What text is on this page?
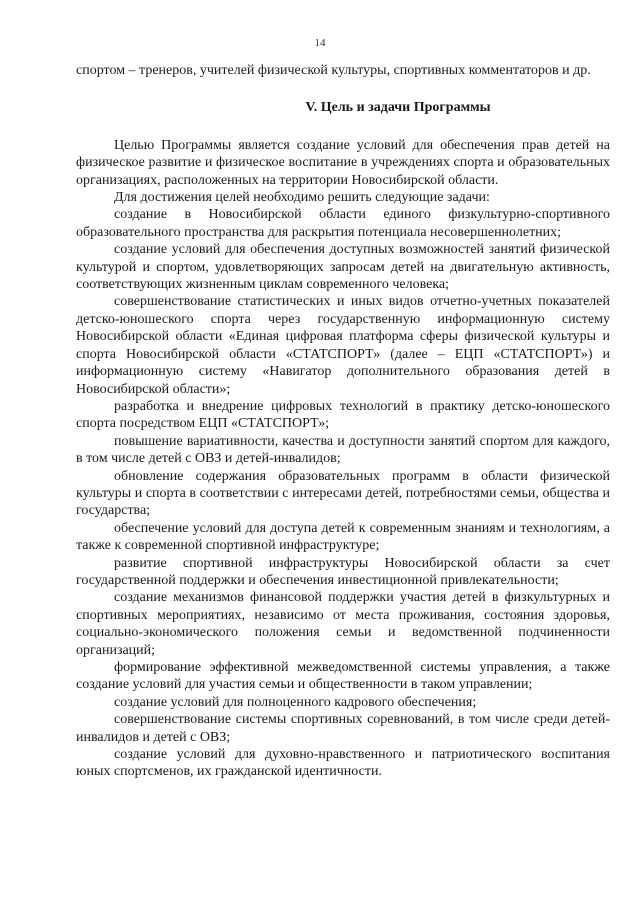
14

спортом – тренеров, учителей физической культуры, спортивных комментаторов и др.

V. Цель и задачи Программы

Целью Программы является создание условий для обеспечения прав детей на физическое развитие и физическое воспитание в учреждениях спорта и образовательных организациях, расположенных на территории Новосибирской области.

Для достижения целей необходимо решить следующие задачи:

создание в Новосибирской области единого физкультурно-спортивного образовательного пространства для раскрытия потенциала несовершеннолетних;

создание условий для обеспечения доступных возможностей занятий физической культурой и спортом, удовлетворяющих запросам детей на двигательную активность, соответствующих жизненным циклам современного человека;

совершенствование статистических и иных видов отчетно-учетных показателей детско-юношеского спорта через государственную информационную систему Новосибирской области «Единая цифровая платформа сферы физической культуры и спорта Новосибирской области «СТАТСПОРТ» (далее – ЕЦП «СТАТСПОРТ») и информационную систему «Навигатор дополнительного образования детей в Новосибирской области»;

разработка и внедрение цифровых технологий в практику детско-юношеского спорта посредством ЕЦП «СТАТСПОРТ»;

повышение вариативности, качества и доступности занятий спортом для каждого, в том числе детей с ОВЗ и детей-инвалидов;

обновление содержания образовательных программ в области физической культуры и спорта в соответствии с интересами детей, потребностями семьи, общества и государства;

обеспечение условий для доступа детей к современным знаниям и технологиям, а также к современной спортивной инфраструктуре;

развитие спортивной инфраструктуры Новосибирской области за счет государственной поддержки и обеспечения инвестиционной привлекательности;

создание механизмов финансовой поддержки участия детей в физкультурных и спортивных мероприятиях, независимо от места проживания, состояния здоровья, социально-экономического положения семьи и ведомственной подчиненности организаций;

формирование эффективной межведомственной системы управления, а также создание условий для участия семьи и общественности в таком управлении;

создание условий для полноценного кадрового обеспечения;

совершенствование системы спортивных соревнований, в том числе среди детей-инвалидов и детей с ОВЗ;

создание условий для духовно-нравственного и патриотического воспитания юных спортсменов, их гражданской идентичности.
